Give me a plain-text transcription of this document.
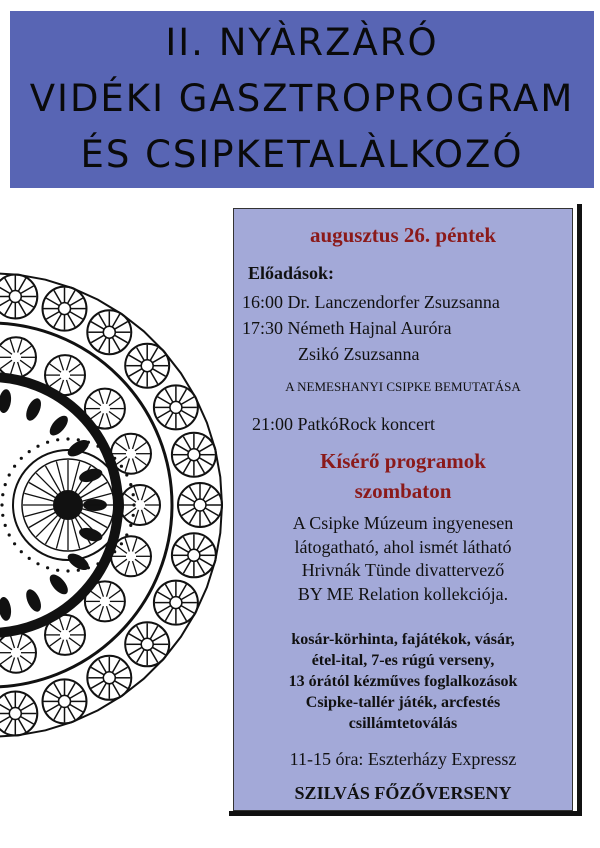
II. NYÀRZÀRÓ
VIDÉKI GASZTROPROGRAM
ÉS CSIPKETALÀLKOZÓ
augusztus 26. péntek
Előadások:
16:00 Dr. Lanczendorfer Zsuzsanna
17:30 Németh Hajnal Auróra
Zsikó Zsuzsanna
A NEMESHANYI CSIPKE BEMUTATÁSA
21:00 PatkóRock koncert
Kísérő programok
szombaton
A Csipke Múzeum ingyenesen
látogatható, ahol ismét látható
Hrivnák Tünde divattervező
BY ME Relation kollekciója.
kosár-körhinta, fajátékok, vásár,
étel-ital, 7-es rúgú verseny,
13 órától kézműves foglalkozások
Csipke-tallér játék, arcfestés
csillámtetoválás
11-15 óra: Eszterházy Expressz
SZILVÁS FŐZŐVERSENY
